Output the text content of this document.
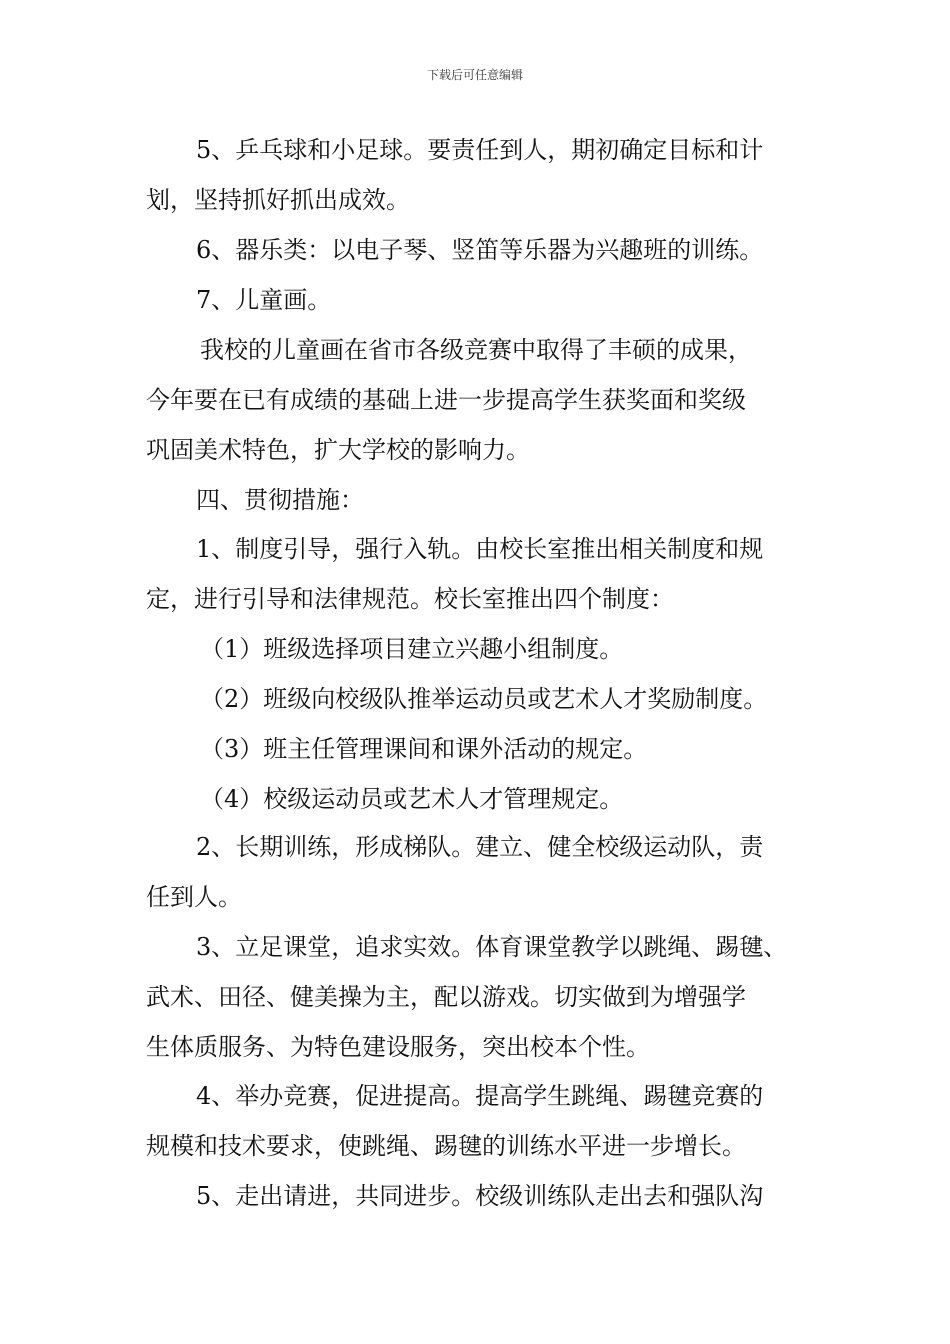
下载后可任意编辑
5、乒乓球和小足球。要责任到人，期初确定目标和计
划，坚持抓好抓出成效。
6、器乐类：以电子琴、竖笛等乐器为兴趣班的训练。
7、儿童画。
我校的儿童画在省市各级竞赛中取得了丰硕的成果，
今年要在已有成绩的基础上进一步提高学生获奖面和奖级
巩固美术特色，扩大学校的影响力。
四、贯彻措施：
1、制度引导，强行入轨。由校长室推出相关制度和规
定，进行引导和法律规范。校长室推出四个制度：
（1）班级选择项目建立兴趣小组制度。
（2）班级向校级队推举运动员或艺术人才奖励制度。
（3）班主任管理课间和课外活动的规定。
（4）校级运动员或艺术人才管理规定。
2、长期训练，形成梯队。建立、健全校级运动队，责
任到人。
3、立足课堂，追求实效。体育课堂教学以跳绳、踢毽、
武术、田径、健美操为主，配以游戏。切实做到为增强学
生体质服务、为特色建设服务，突出校本个性。
4、举办竞赛，促进提高。提高学生跳绳、踢毽竞赛的
规模和技术要求，使跳绳、踢毽的训练水平进一步增长。
5、走出请进，共同进步。校级训练队走出去和强队沟
